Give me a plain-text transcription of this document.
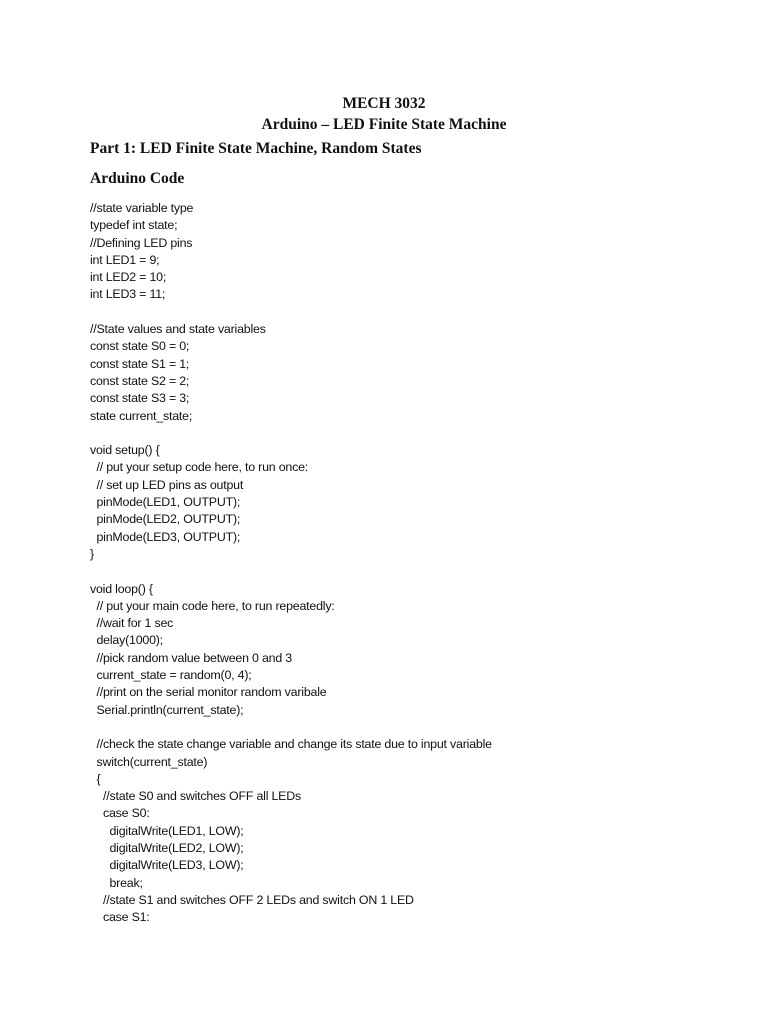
MECH 3032
Arduino – LED Finite State Machine
Part 1: LED Finite State Machine, Random States
Arduino Code
//state variable type
typedef int state;
//Defining LED pins
int LED1 = 9;
int LED2 = 10;
int LED3 = 11;
//State values and state variables
const state S0 = 0;
const state S1 = 1;
const state S2 = 2;
const state S3 = 3;
state current_state;
void setup() {
// put your setup code here, to run once:
// set up LED pins as output
pinMode(LED1, OUTPUT);
pinMode(LED2, OUTPUT);
pinMode(LED3, OUTPUT);
}
void loop() {
// put your main code here, to run repeatedly:
//wait for 1 sec
delay(1000);
//pick random value between 0 and 3
current_state = random(0, 4);
//print on the serial monitor random varibale
Serial.println(current_state);
//check the state change variable and change its state due to input variable
switch(current_state)
{
//state S0 and switches OFF all LEDs
case S0:
digitalWrite(LED1, LOW);
digitalWrite(LED2, LOW);
digitalWrite(LED3, LOW);
break;
//state S1 and switches OFF 2 LEDs and switch ON 1 LED
case S1:
